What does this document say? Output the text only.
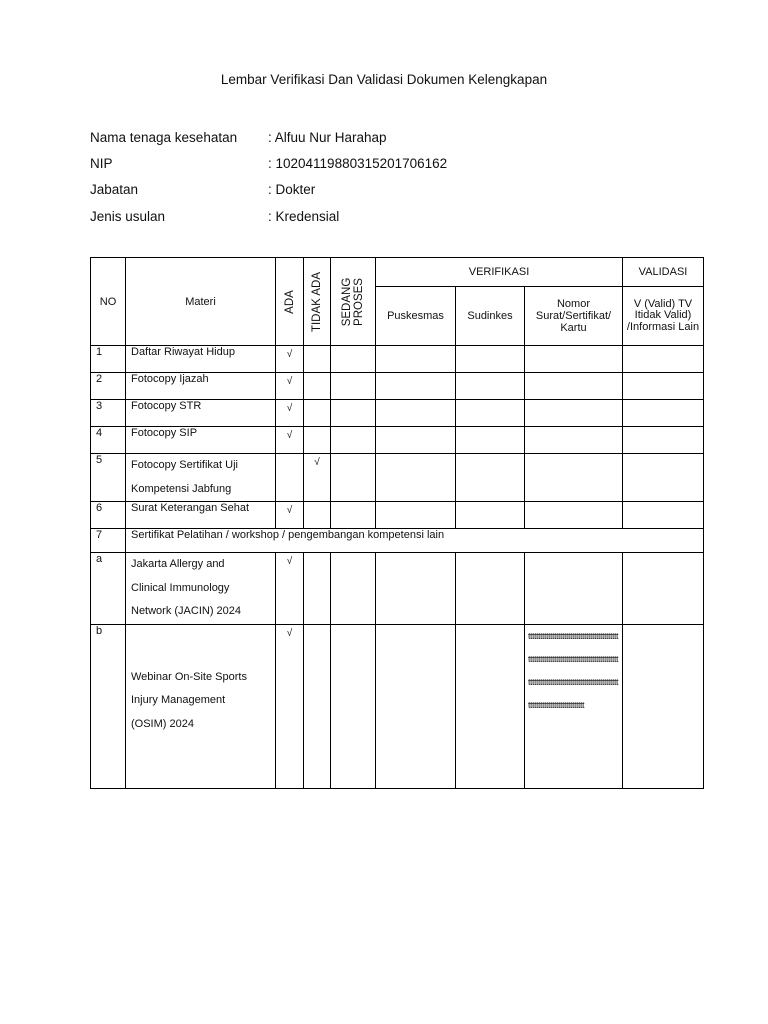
Lembar Verifikasi Dan Validasi Dokumen Kelengkapan
Nama tenaga kesehatan	: Alfuu Nur Harahap
NIP	: 1020411988031520170616​2
Jabatan	: Dokter
Jenis usulan	: Kredensial
NO	Materi	ADA	TIDAK ADA	SEDANG PROSES	VERIFIKASI			VALIDASI
					Puskesmas	Sudinkes	Nomor Surat/Sertifikat/ Kartu	V (Valid) TV Itidak Valid) /Informasi Lain
1	Daftar Riwayat Hidup	√						
2	Fotocopy Ijazah	√						
3	Fotocopy STR	√						
4	Fotocopy SIP	√						
5	Fotocopy Sertifikat Uji
Kompetensi Jabfung		√					
6	Surat Keterangan Sehat	√						
7	Sertifikat Pelatihan / workshop / pengembangan kompetensi lain							
a	Jakarta Allergy and
Clinical Immunology
Network (JACIN) 2024	√						
b	Webinar On-Site Sports
Injury Management
(OSIM) 2024	√					ttttttttttttttttttttttttttttttttttttttttttttttttttttttttttttttttttttttttttttttttttttttttttttttttttttttttttttttttttttttttttttttttttttttttttttttttttttttttttttttttttt	
